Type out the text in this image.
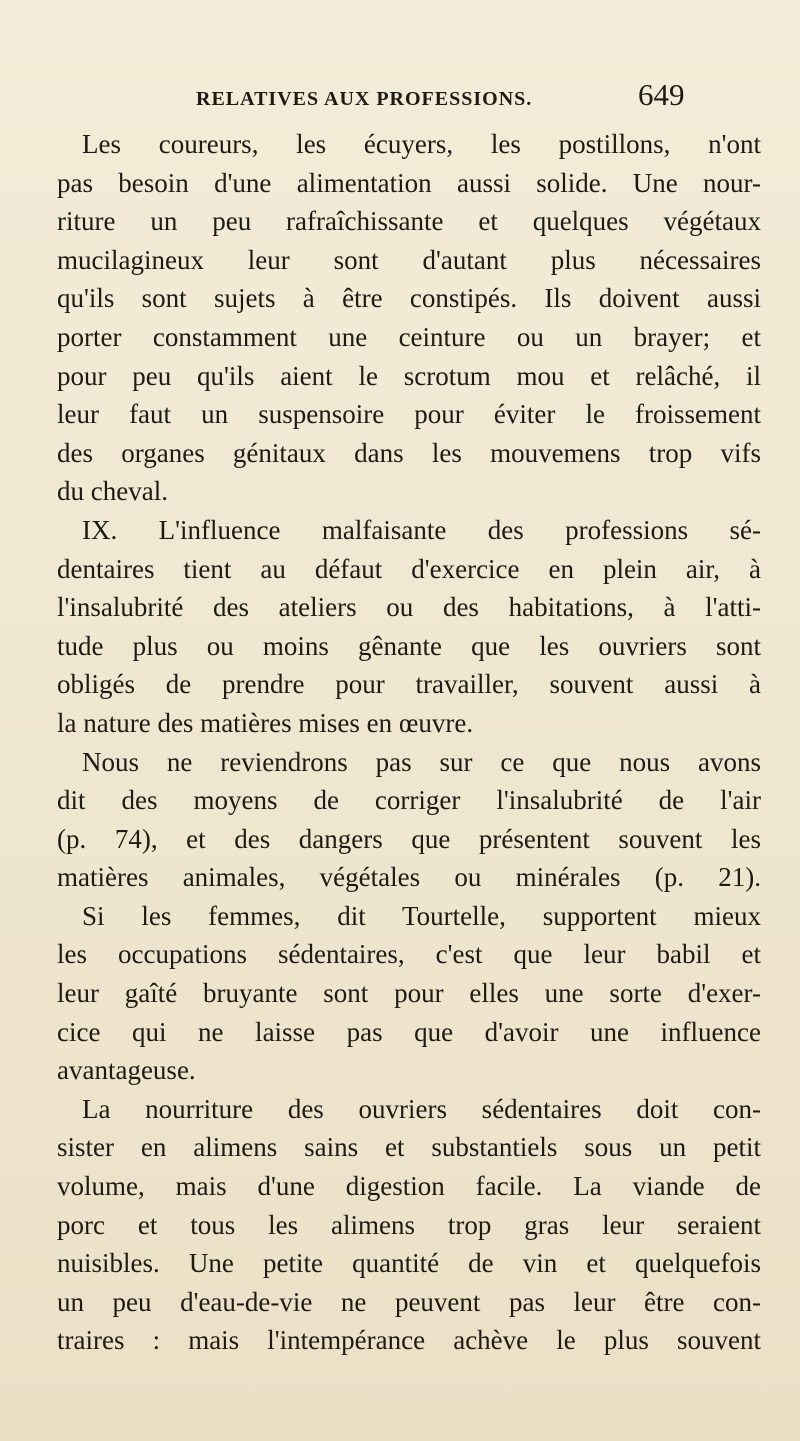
RELATIVES AUX PROFESSIONS.	649
Les coureurs, les écuyers, les postillons, n'ont
pas besoin d'une alimentation aussi solide. Une nour-
riture un peu rafraîchissante et quelques végétaux
mucilagineux leur sont d'autant plus nécessaires
qu'ils sont sujets à être constipés. Ils doivent aussi
porter constamment une ceinture ou un brayer; et
pour peu qu'ils aient le scrotum mou et relâché, il
leur faut un suspensoire pour éviter le froissement
des organes génitaux dans les mouvemens trop vifs
du cheval.
IX. L'influence malfaisante des professions sé-
dentaires tient au défaut d'exercice en plein air, à
l'insalubrité des ateliers ou des habitations, à l'atti-
tude plus ou moins gênante que les ouvriers sont
obligés de prendre pour travailler, souvent aussi à
la nature des matières mises en œuvre.
Nous ne reviendrons pas sur ce que nous avons
dit des moyens de corriger l'insalubrité de l'air
(p. 74), et des dangers que présentent souvent les
matières animales, végétales ou minérales (p. 21).
Si les femmes, dit Tourtelle, supportent mieux
les occupations sédentaires, c'est que leur babil et
leur gaîté bruyante sont pour elles une sorte d'exer-
cice qui ne laisse pas que d'avoir une influence
avantageuse.
La nourriture des ouvriers sédentaires doit con-
sister en alimens sains et substantiels sous un petit
volume, mais d'une digestion facile. La viande de
porc et tous les alimens trop gras leur seraient
nuisibles. Une petite quantité de vin et quelquefois
un peu d'eau-de-vie ne peuvent pas leur être con-
traires : mais l'intempérance achève le plus souvent
